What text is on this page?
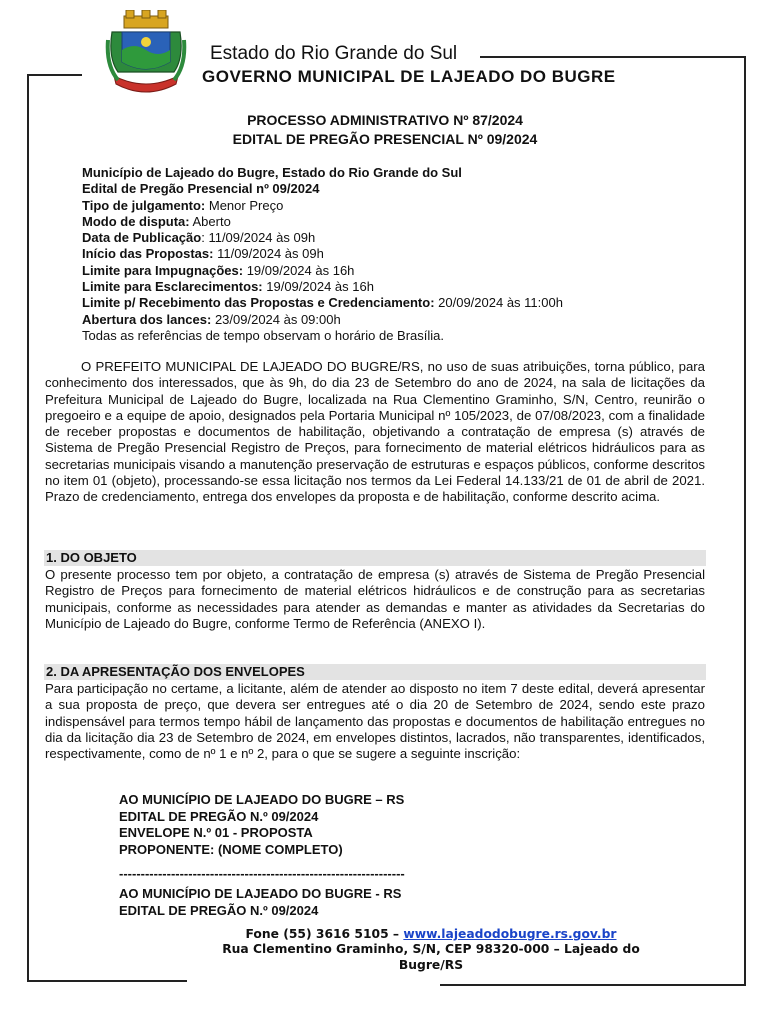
Estado do Rio Grande do Sul
GOVERNO MUNICIPAL DE LAJEADO DO BUGRE
PROCESSO ADMINISTRATIVO Nº 87/2024
EDITAL DE PREGÃO PRESENCIAL Nº 09/2024
Município de Lajeado do Bugre, Estado do Rio Grande do Sul
Edital de Pregão Presencial nº 09/2024
Tipo de julgamento: Menor Preço
Modo de disputa: Aberto
Data de Publicação: 11/09/2024 às 09h
Início das Propostas: 11/09/2024 às 09h
Limite para Impugnações: 19/09/2024 às 16h
Limite para Esclarecimentos: 19/09/2024 às 16h
Limite p/ Recebimento das Propostas e Credenciamento: 20/09/2024 às 11:00h
Abertura dos lances: 23/09/2024 às 09:00h
Todas as referências de tempo observam o horário de Brasília.
O PREFEITO MUNICIPAL DE LAJEADO DO BUGRE/RS, no uso de suas atribuições, torna público, para conhecimento dos interessados, que às 9h, do dia 23 de Setembro do ano de 2024, na sala de licitações da Prefeitura Municipal de Lajeado do Bugre, localizada na Rua Clementino Graminho, S/N, Centro, reunirão o pregoeiro e a equipe de apoio, designados pela Portaria Municipal nº 105/2023, de 07/08/2023, com a finalidade de receber propostas e documentos de habilitação, objetivando a contratação de empresa (s) através de Sistema de Pregão Presencial Registro de Preços, para fornecimento de material elétricos hidráulicos para as secretarias municipais visando a manutenção preservação de estruturas e espaços públicos, conforme descritos no item 01 (objeto), processando-se essa licitação nos termos da Lei Federal 14.133/21 de 01 de abril de 2021. Prazo de credenciamento, entrega dos envelopes da proposta e de habilitação, conforme descrito acima.
1. DO OBJETO
O presente processo tem por objeto, a contratação de empresa (s) através de Sistema de Pregão Presencial Registro de Preços para fornecimento de material elétricos hidráulicos e de construção para as secretarias municipais, conforme as necessidades para atender as demandas e manter as atividades da Secretarias do Município de Lajeado do Bugre, conforme Termo de Referência (ANEXO I).
2. DA APRESENTAÇÃO DOS ENVELOPES
Para participação no certame, a licitante, além de atender ao disposto no item 7 deste edital, deverá apresentar a sua proposta de preço, que devera ser entregues até o dia 20 de Setembro de 2024, sendo este prazo indispensável para termos tempo hábil de lançamento das propostas e documentos de habilitação entregues no dia da licitação dia 23 de Setembro de 2024, em envelopes distintos, lacrados, não transparentes, identificados, respectivamente, como de nº 1 e nº 2, para o que se sugere a seguinte inscrição:
AO MUNICÍPIO DE LAJEADO DO BUGRE – RS
EDITAL DE PREGÃO N.º 09/2024
ENVELOPE N.º 01 - PROPOSTA
PROPONENTE: (NOME COMPLETO)
------------------------------------------------------------------
AO MUNICÍPIO DE LAJEADO DO BUGRE - RS
EDITAL DE PREGÃO N.º 09/2024
Fone (55) 3616 5105 – www.lajeadodobugre.rs.gov.br
Rua Clementino Graminho, S/N, CEP 98320-000 – Lajeado do
Bugre/RS
